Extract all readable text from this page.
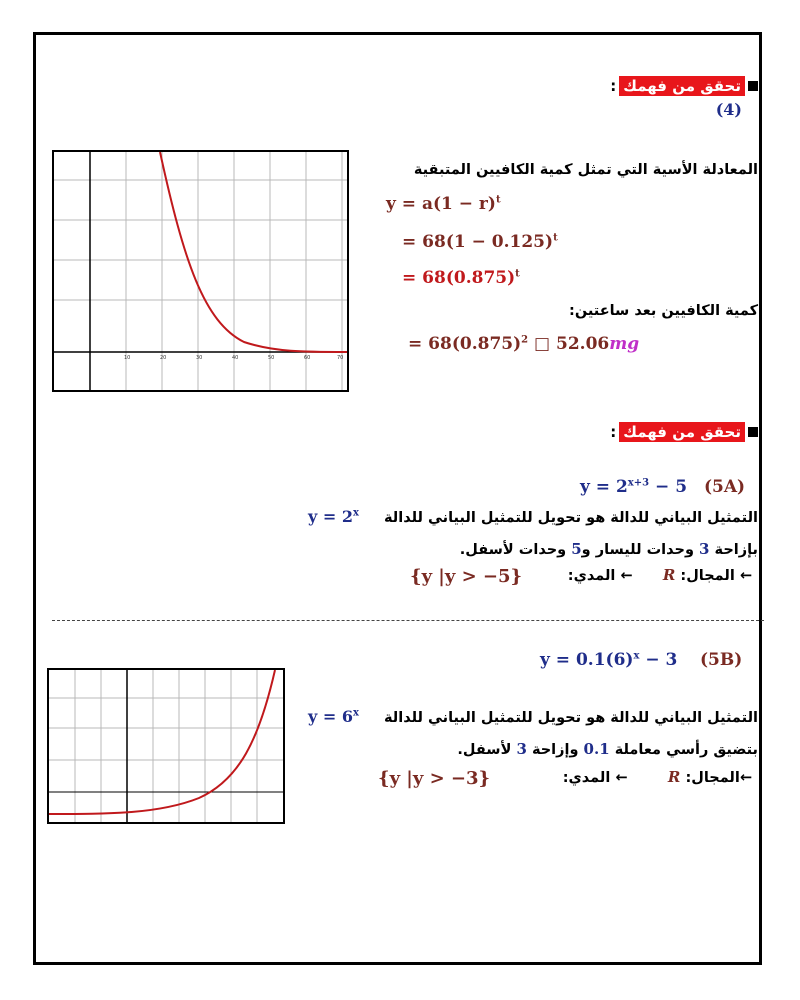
تحقق من فهمك
:
(4)
10	20	30	40	50	60	70
المعادلة الأسية التي تمثل كمية الكافيين المتبقية
$y = a(1 - r)^t$
= $68(1 - 0.125)^t$
= $68(0.875)^t$
كمية الكافيين بعد ساعتين:
= $68(0.875)^2$ □ 52.06mg
تحقق من فهمك
:
$y = 2^{x+3} - 5$ (5A)
التمثيل البياني للدالة هو تحويل للتمثيل البياني للدالة
$y = 2^x$
بإزاحة 3 وحدات لليسار و5 وحدات لأسفل.
← المجال: R      ← المدي:
{y |y > −5}
$y = 0.1(6)^x - 3$ (5B)
التمثيل البياني للدالة هو تحويل للتمثيل البياني للدالة
$y = 6^x$
بتضيق رأسي معاملة 0.1 وإزاحة 3 لأسفل.
←المجال: R        ← المدي:
{y |y > −3}
